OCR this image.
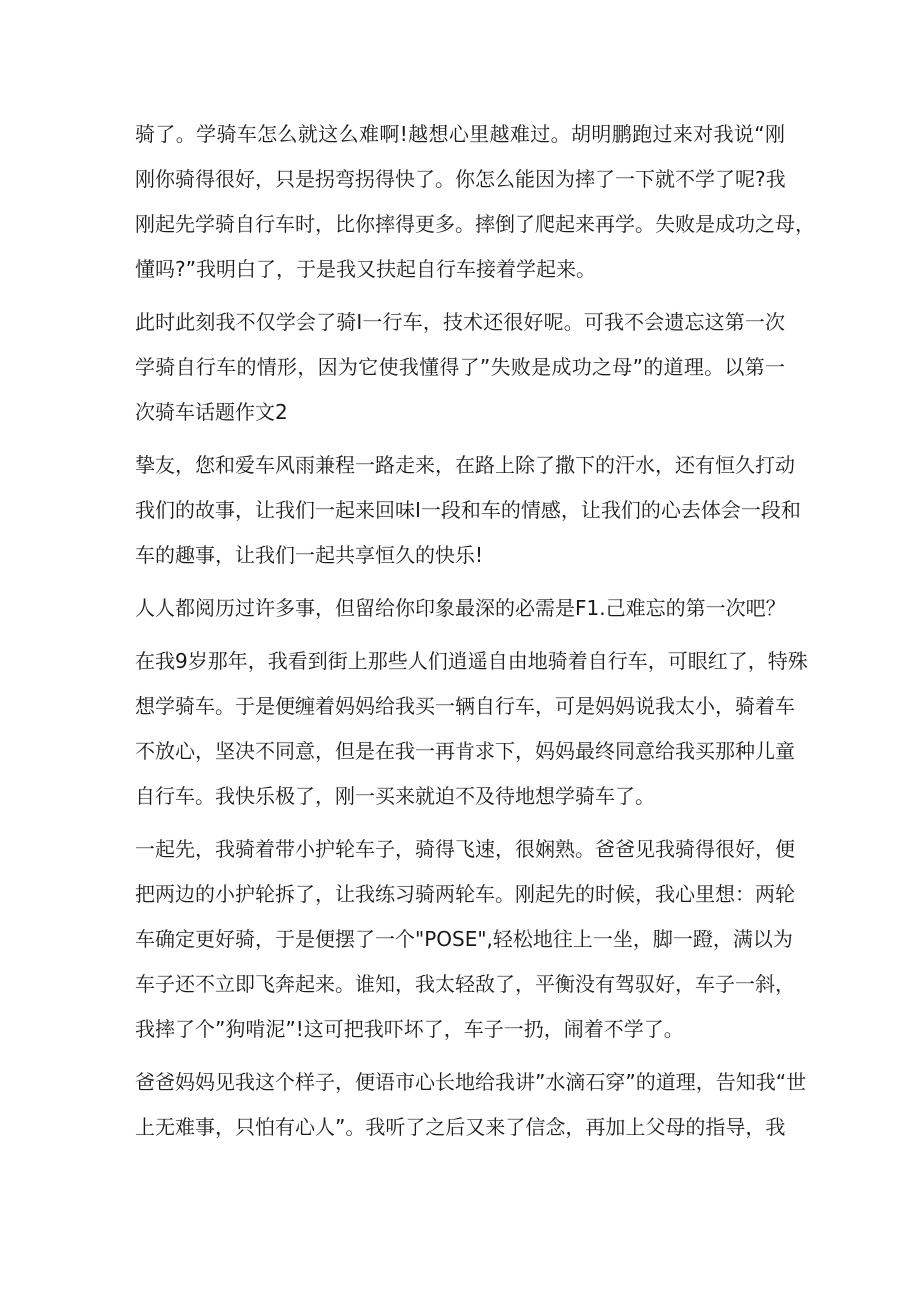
骑了。学骑车怎么就这么难啊!越想心里越难过。胡明鹏跑过来对我说“刚
刚你骑得很好，只是拐弯拐得快了。你怎么能因为摔了一下就不学了呢?我
刚起先学骑自行车时，比你摔得更多。摔倒了爬起来再学。失败是成功之母，
懂吗?”我明白了，于是我又扶起自行车接着学起来。

此时此刻我不仅学会了骑I一行车，技术还很好呢。可我不会遗忘这第一次
学骑自行车的情形，因为它使我懂得了”失败是成功之母”的道理。以第一
次骑车话题作文2

挚友，您和爱车风雨兼程一路走来，在路上除了撒下的汗水，还有恒久打动
我们的故事，让我们一起来回味I一段和车的情感，让我们的心去体会一段和
车的趣事，让我们一起共享恒久的快乐!

人人都阅历过许多事，但留给你印象最深的必需是F1.己难忘的第一次吧？

在我9岁那年，我看到街上那些人们逍遥自由地骑着自行车，可眼红了，特殊
想学骑车。于是便缠着妈妈给我买一辆自行车，可是妈妈说我太小，骑着车
不放心，坚决不同意，但是在我一再肯求下，妈妈最终同意给我买那种儿童
自行车。我快乐极了，刚一买来就迫不及待地想学骑车了。

一起先，我骑着带小护轮车子，骑得飞速，很娴熟。爸爸见我骑得很好，便
把两边的小护轮拆了，让我练习骑两轮车。刚起先的时候，我心里想：两轮
车确定更好骑，于是便摆了一个"POSE",轻松地往上一坐，脚一蹬，满以为
车子还不立即飞奔起来。谁知，我太轻敌了，平衡没有驾驭好，车子一斜，
我摔了个”狗啃泥”!这可把我吓坏了，车子一扔，闹着不学了。

爸爸妈妈见我这个样子，便语市心长地给我讲”水滴石穿”的道理，告知我“世
上无难事，只怕有心人”。我听了之后又来了信念，再加上父母的指导，我
